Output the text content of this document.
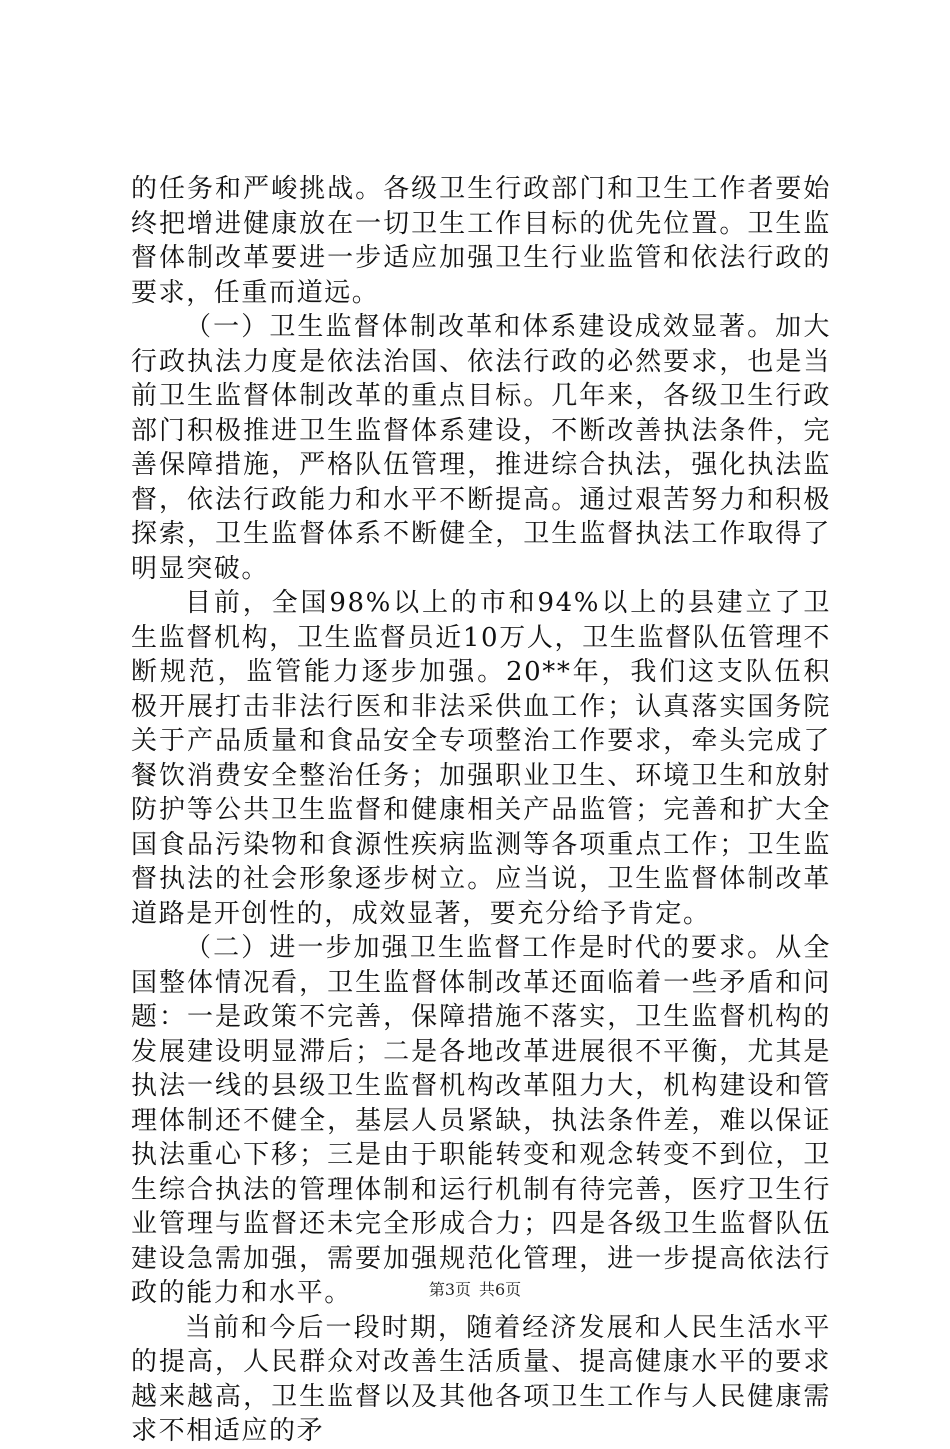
的任务和严峻挑战。各级卫生行政部门和卫生工作者要始终把增进健康放在一切卫生工作目标的优先位置。卫生监督体制改革要进一步适应加强卫生行业监管和依法行政的要求，任重而道远。

（一）卫生监督体制改革和体系建设成效显著。加大行政执法力度是依法治国、依法行政的必然要求，也是当前卫生监督体制改革的重点目标。几年来，各级卫生行政部门积极推进卫生监督体系建设，不断改善执法条件，完善保障措施，严格队伍管理，推进综合执法，强化执法监督，依法行政能力和水平不断提高。通过艰苦努力和积极探索，卫生监督体系不断健全，卫生监督执法工作取得了明显突破。

目前，全国98%以上的市和94%以上的县建立了卫生监督机构，卫生监督员近10万人，卫生监督队伍管理不断规范，监管能力逐步加强。20**年，我们这支队伍积极开展打击非法行医和非法采供血工作；认真落实国务院关于产品质量和食品安全专项整治工作要求，牵头完成了餐饮消费安全整治任务；加强职业卫生、环境卫生和放射防护等公共卫生监督和健康相关产品监管；完善和扩大全国食品污染物和食源性疾病监测等各项重点工作；卫生监督执法的社会形象逐步树立。应当说，卫生监督体制改革道路是开创性的，成效显著，要充分给予肯定。

（二）进一步加强卫生监督工作是时代的要求。从全国整体情况看，卫生监督体制改革还面临着一些矛盾和问题：一是政策不完善，保障措施不落实，卫生监督机构的发展建设明显滞后；二是各地改革进展很不平衡，尤其是执法一线的县级卫生监督机构改革阻力大，机构建设和管理体制还不健全，基层人员紧缺，执法条件差，难以保证执法重心下移；三是由于职能转变和观念转变不到位，卫生综合执法的管理体制和运行机制有待完善，医疗卫生行业管理与监督还未完全形成合力；四是各级卫生监督队伍建设急需加强，需要加强规范化管理，进一步提高依法行政的能力和水平。

当前和今后一段时期，随着经济发展和人民生活水平的提高，人民群众对改善生活质量、提高健康水平的要求越来越高，卫生监督以及其他各项卫生工作与人民健康需求不相适应的矛

第3页 共6页
